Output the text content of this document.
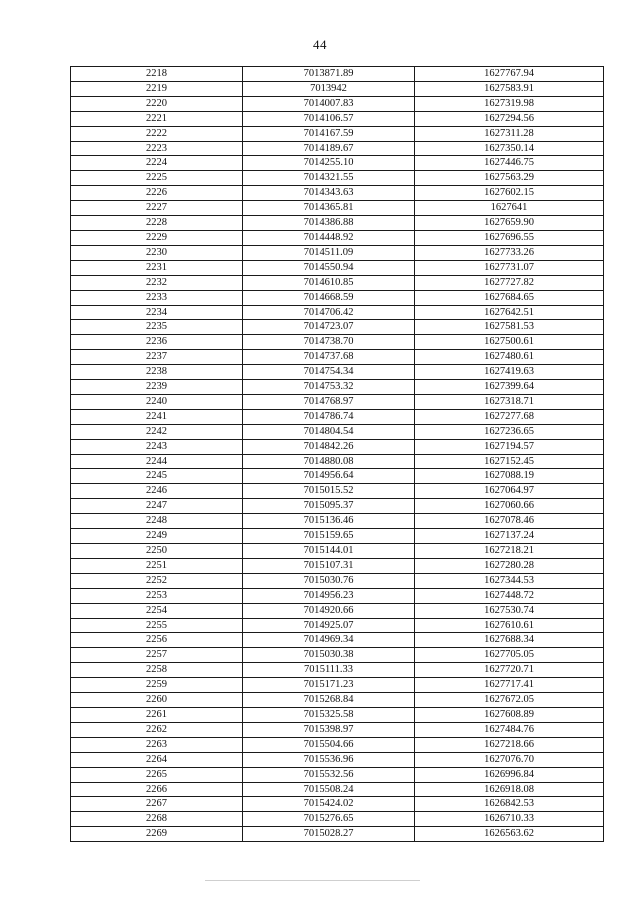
44
2218	7013871.89	1627767.94
2219	7013942	1627583.91
2220	7014007.83	1627319.98
2221	7014106.57	1627294.56
2222	7014167.59	1627311.28
2223	7014189.67	1627350.14
2224	7014255.10	1627446.75
2225	7014321.55	1627563.29
2226	7014343.63	1627602.15
2227	7014365.81	1627641
2228	7014386.88	1627659.90
2229	7014448.92	1627696.55
2230	7014511.09	1627733.26
2231	7014550.94	1627731.07
2232	7014610.85	1627727.82
2233	7014668.59	1627684.65
2234	7014706.42	1627642.51
2235	7014723.07	1627581.53
2236	7014738.70	1627500.61
2237	7014737.68	1627480.61
2238	7014754.34	1627419.63
2239	7014753.32	1627399.64
2240	7014768.97	1627318.71
2241	7014786.74	1627277.68
2242	7014804.54	1627236.65
2243	7014842.26	1627194.57
2244	7014880.08	1627152.45
2245	7014956.64	1627088.19
2246	7015015.52	1627064.97
2247	7015095.37	1627060.66
2248	7015136.46	1627078.46
2249	7015159.65	1627137.24
2250	7015144.01	1627218.21
2251	7015107.31	1627280.28
2252	7015030.76	1627344.53
2253	7014956.23	1627448.72
2254	7014920.66	1627530.74
2255	7014925.07	1627610.61
2256	7014969.34	1627688.34
2257	7015030.38	1627705.05
2258	7015111.33	1627720.71
2259	7015171.23	1627717.41
2260	7015268.84	1627672.05
2261	7015325.58	1627608.89
2262	7015398.97	1627484.76
2263	7015504.66	1627218.66
2264	7015536.96	1627076.70
2265	7015532.56	1626996.84
2266	7015508.24	1626918.08
2267	7015424.02	1626842.53
2268	7015276.65	1626710.33
2269	7015028.27	1626563.62
